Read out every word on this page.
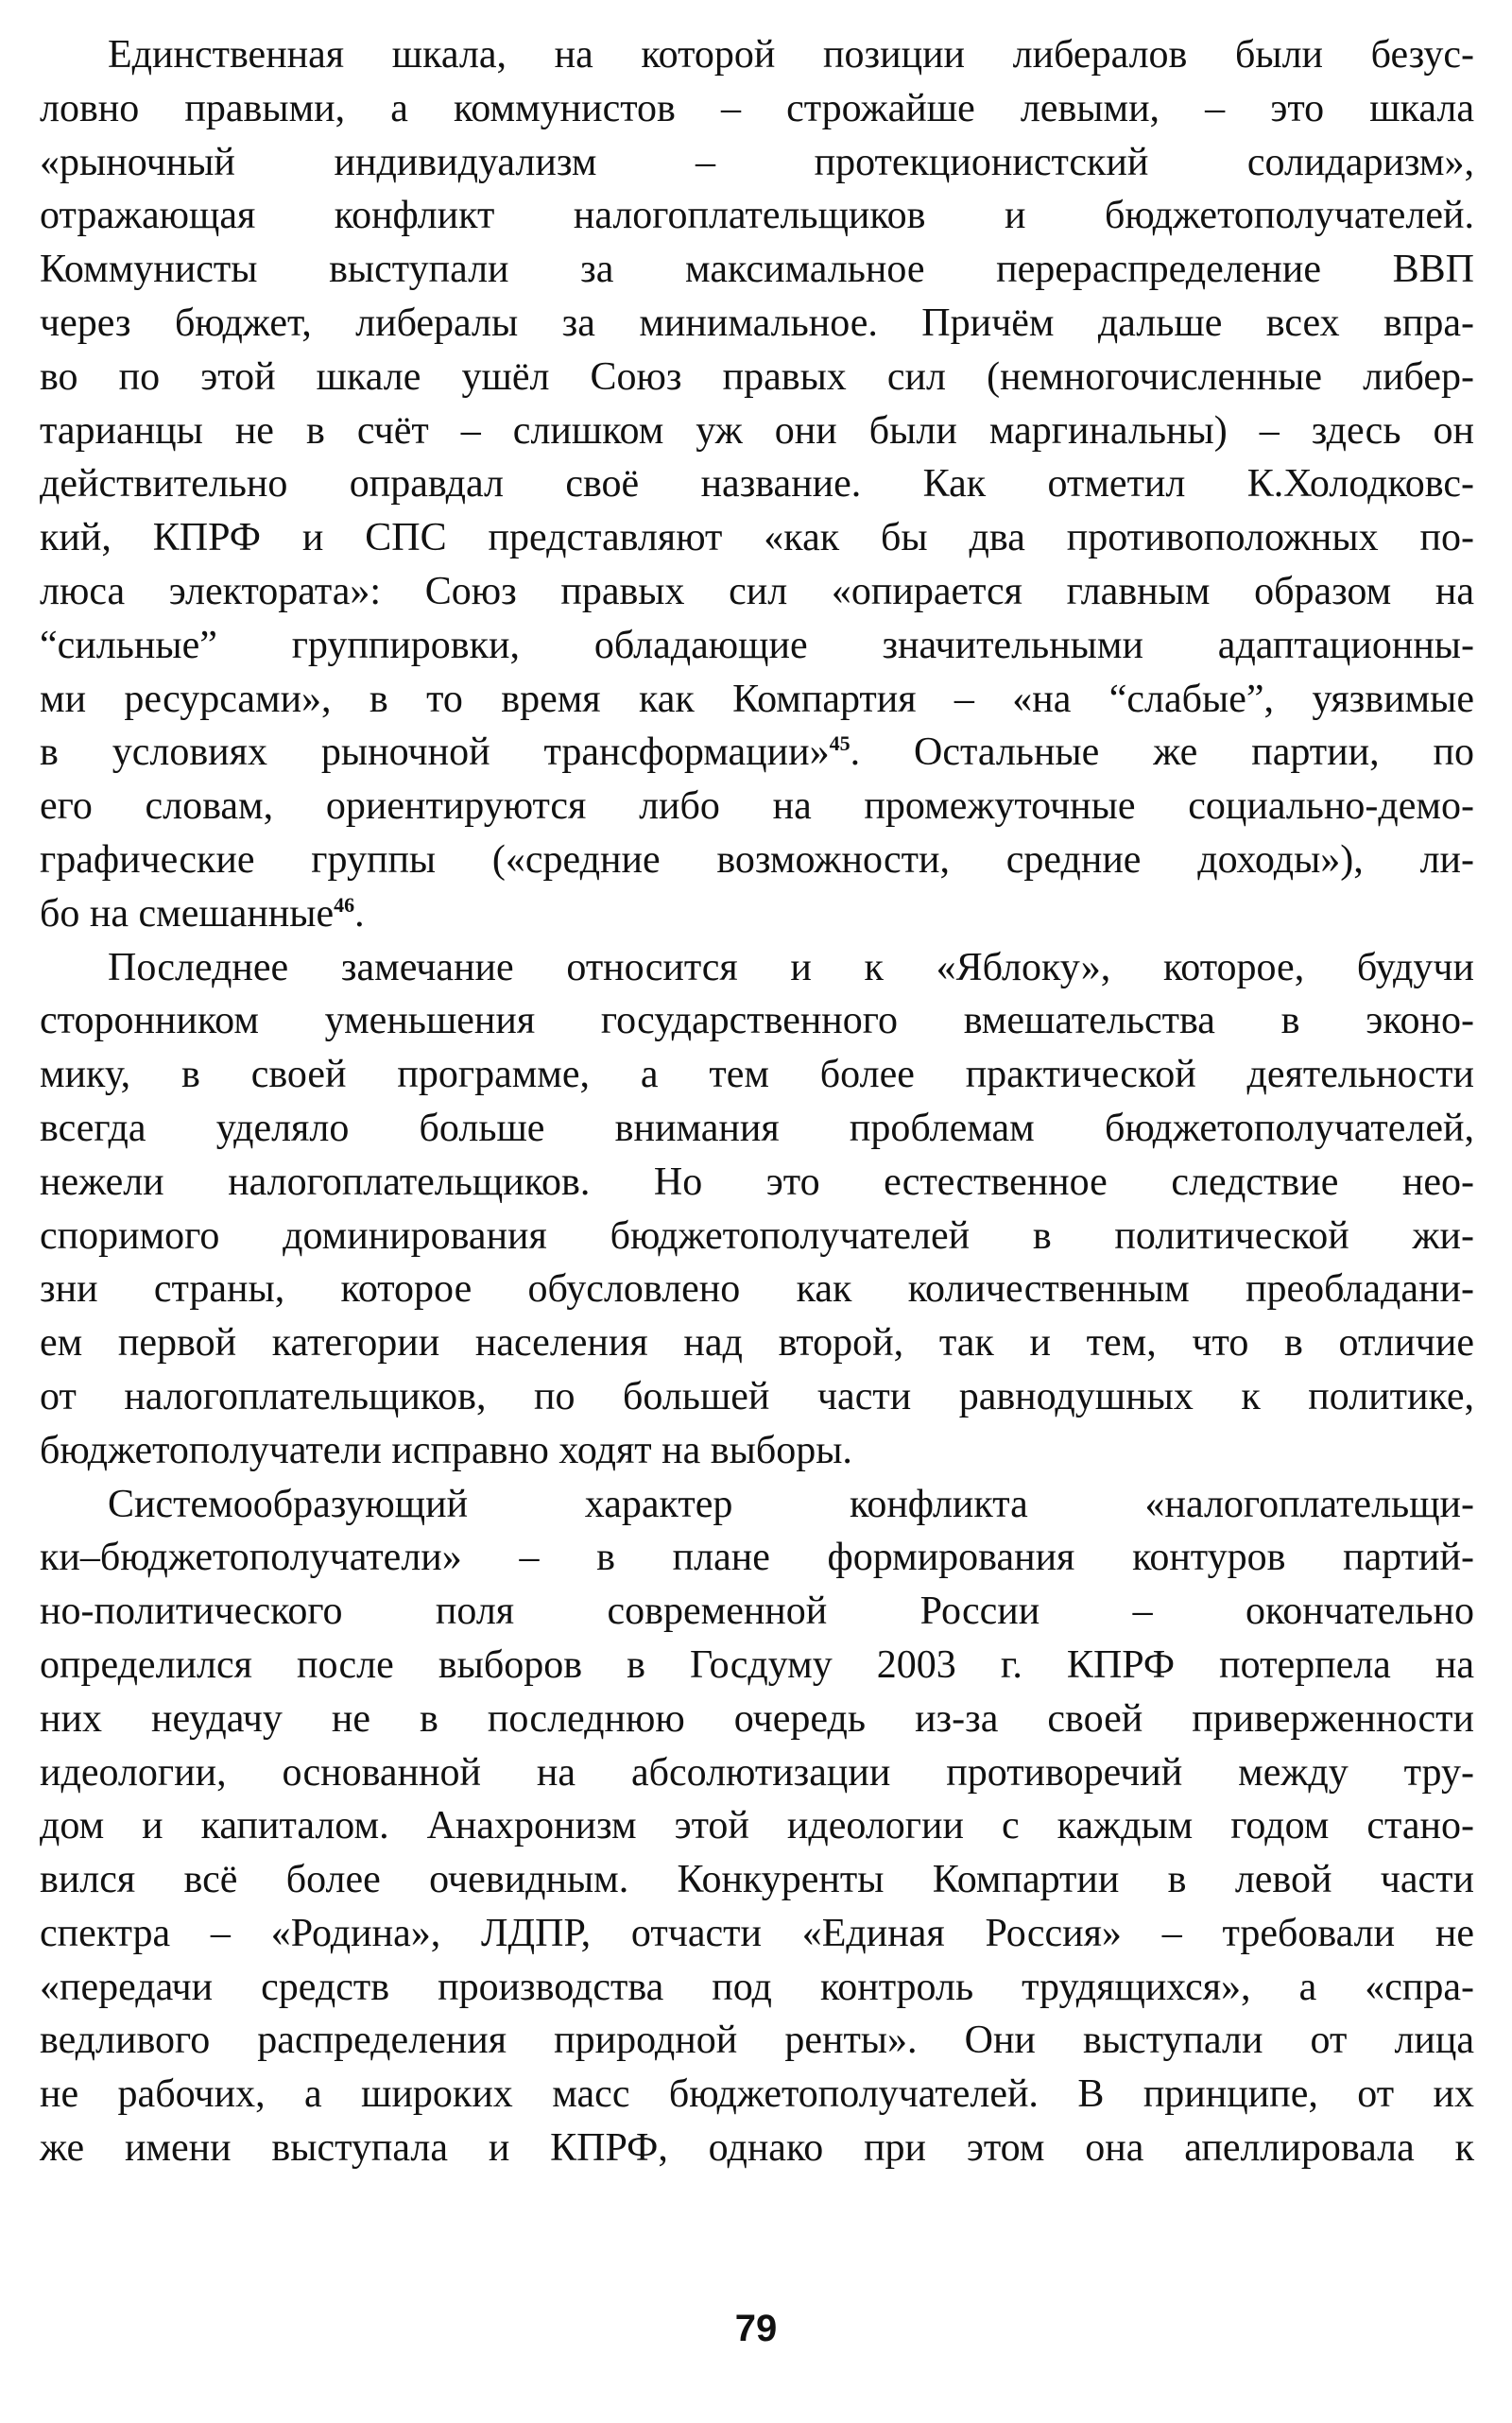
Единственная шкала, на которой позиции либералов были безус-
ловно правыми, а коммунистов – строжайше левыми, – это шкала
«рыночный индивидуализм – протекционистский солидаризм»,
отражающая конфликт налогоплательщиков и бюджетополучателей.
Коммунисты выступали за максимальное перераспределение ВВП
через бюджет, либералы за минимальное. Причём дальше всех впра-
во по этой шкале ушёл Союз правых сил (немногочисленные либер-
тарианцы не в счёт – слишком уж они были маргинальны) – здесь он
действительно оправдал своё название. Как отметил К.Холодковс-
кий, КПРФ и СПС представляют «как бы два противоположных по-
люса электората»: Союз правых сил «опирается главным образом на
“сильные” группировки, обладающие значительными адаптационны-
ми ресурсами», в то время как Компартия – «на “слабые”, уязвимые
в условиях рыночной трансформации»$^{45}$. Остальные же партии, по
его словам, ориентируются либо на промежуточные социально-демо-
графические группы («средние возможности, средние доходы»), ли-
бо на смешанные$^{46}$.
Последнее замечание относится и к «Яблоку», которое, будучи
сторонником уменьшения государственного вмешательства в эконо-
мику, в своей программе, а тем более практической деятельности
всегда уделяло больше внимания проблемам бюджетополучателей,
нежели налогоплательщиков. Но это естественное следствие нео-
споримого доминирования бюджетополучателей в политической жи-
зни страны, которое обусловлено как количественным преобладани-
ем первой категории населения над второй, так и тем, что в отличие
от налогоплательщиков, по большей части равнодушных к политике,
бюджетополучатели исправно ходят на выборы.
Системообразующий характер конфликта «налогоплательщи-
ки–бюджетополучатели» – в плане формирования контуров партий-
но-политического поля современной России – окончательно
определился после выборов в Госдуму 2003 г. КПРФ потерпела на
них неудачу не в последнюю очередь из-за своей приверженности
идеологии, основанной на абсолютизации противоречий между тру-
дом и капиталом. Анахронизм этой идеологии с каждым годом стано-
вился всё более очевидным. Конкуренты Компартии в левой части
спектра – «Родина», ЛДПР, отчасти «Единая Россия» – требовали не
«передачи средств производства под контроль трудящихся», а «спра-
ведливого распределения природной ренты». Они выступали от лица
не рабочих, а широких масс бюджетополучателей. В принципе, от их
же имени выступала и КПРФ, однако при этом она апеллировала к
79
